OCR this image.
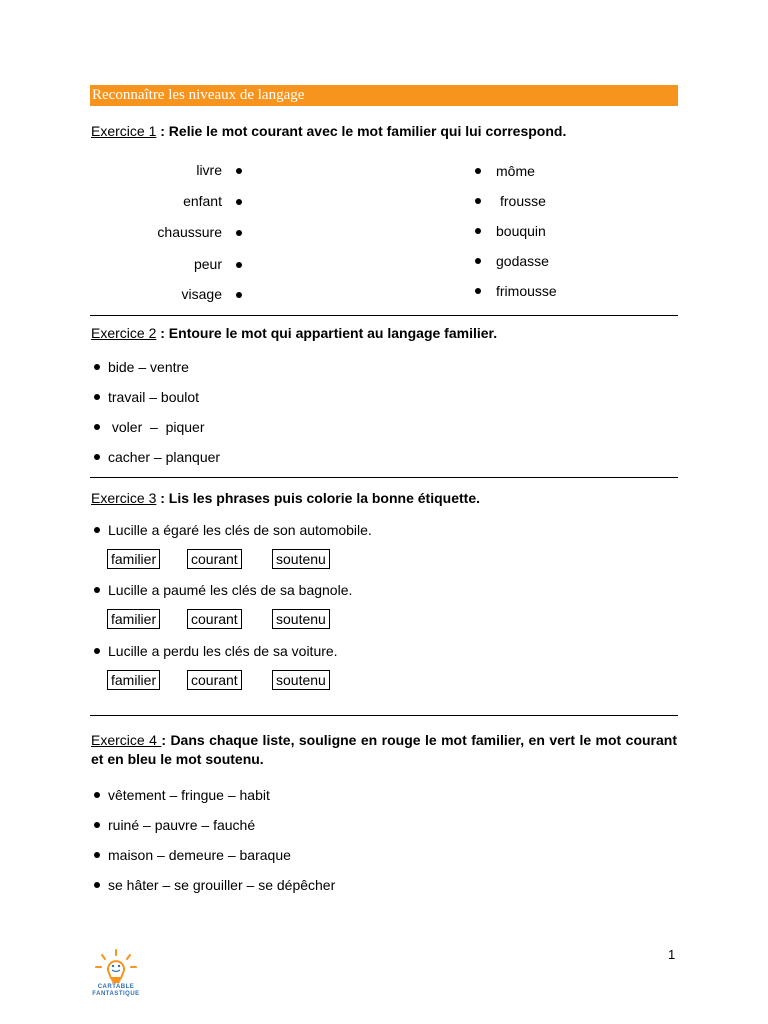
Reconnaître les niveaux de langage
Exercice 1 : Relie le mot courant avec le mot familier qui lui correspond.
livre
enfant
chaussure
peur
visage
môme
frousse
bouquin
godasse
frimousse
Exercice 2 : Entoure le mot qui appartient au langage familier.
bide – ventre
travail – boulot
voler  –  piquer
cacher – planquer
Exercice 3 : Lis les phrases puis colorie la bonne étiquette.
Lucille a égaré les clés de son automobile.
familier courant	soutenu
Lucille a paumé les clés de sa bagnole.
familier courant	soutenu
Lucille a perdu les clés de sa voiture.
familier courant	soutenu
Exercice 4 : Dans chaque liste, souligne en rouge le mot familier, en vert le mot courant et en bleu le mot soutenu.
vêtement – fringue – habit
ruiné – pauvre – fauché
maison – demeure – baraque
se hâter – se grouiller – se dépêcher
CARTABLE
FANTASTIQUE
1
